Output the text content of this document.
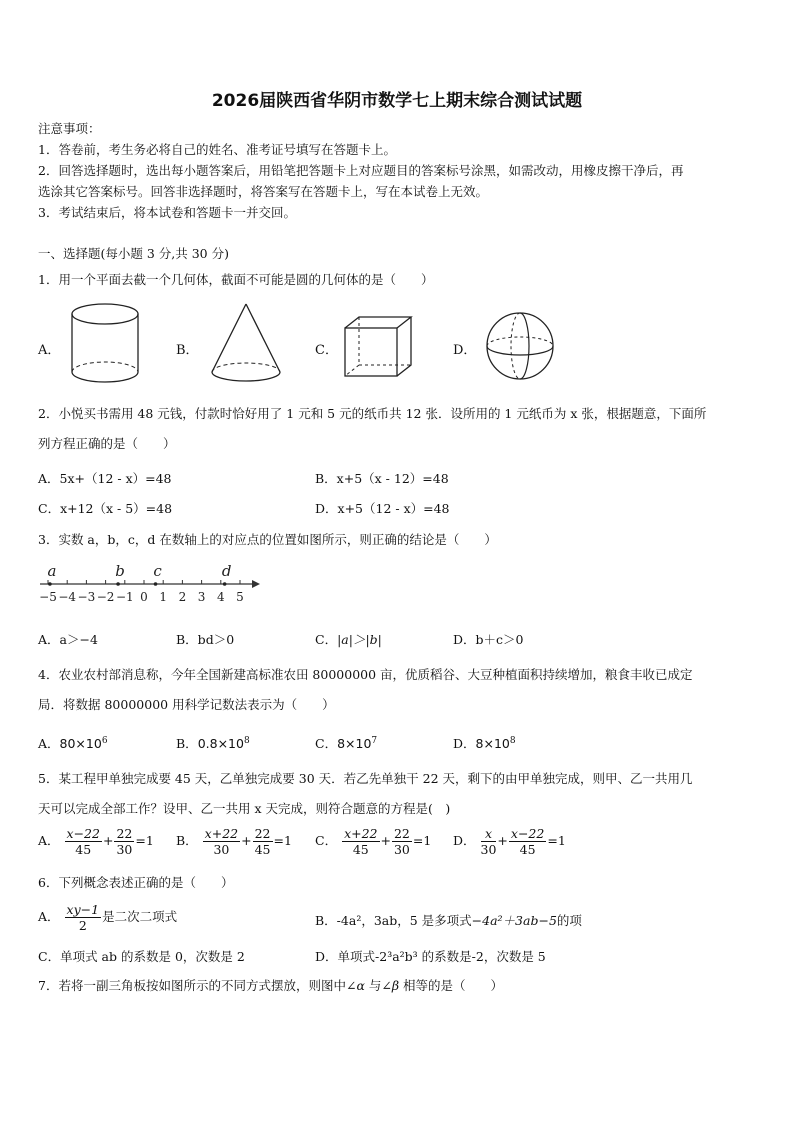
2026届陕西省华阴市数学七上期末综合测试试题
注意事项：
1．答卷前，考生务必将自己的姓名、准考证号填写在答题卡上。
2．回答选择题时，选出每小题答案后，用铅笔把答题卡上对应题目的答案标号涂黑，如需改动，用橡皮擦干净后，再
选涂其它答案标号。回答非选择题时，将答案写在答题卡上，写在本试卷上无效。
3．考试结束后，将本试卷和答题卡一并交回。
一、选择题(每小题 3 分,共 30 分)
1．用一个平面去截一个几何体，截面不可能是圆的几何体的是（　　）
A．	B．	C．	D．
2．小悦买书需用 48 元钱，付款时恰好用了 1 元和 5 元的纸币共 12 张．设所用的 1 元纸币为 x 张，根据题意，下面所
列方程正确的是（　　）
A．5x+（12 - x）=48	B．x+5（x - 12）=48
C．x+12（x - 5）=48	D．x+5（12 - x）=48
3．实数 a，b，c，d 在数轴上的对应点的位置如图所示，则正确的结论是（　　）
−5 −4 −3 −2 −1 0 1 2 3 4 5
a	b c	d
A．a＞−4	B．bd＞0	C．|a|＞|b|	D．b＋c＞0
4．农业农村部消息称，今年全国新建高标准农田 80000000 亩，优质稻谷、大豆种植面积持续增加，粮食丰收已成定
局．将数据 80000000 用科学记数法表示为（　　）
A．$80\times 10^6$	B．$0.8\times 10^8$	C．$8\times 10^7$	D．$8\times 10^8$
5．某工程甲单独完成要 45 天，乙单独完成要 30 天．若乙先单独干 22 天，剩下的由甲单独完成，则甲、乙一共用几
天可以完成全部工作？设甲、乙一共用 x 天完成，则符合题意的方程是(　)
A． $\frac{x-22}{45} + \frac{22}{30} =1$ B． $\frac{x+22}{30} + \frac{22}{45} =1$ C． $\frac{x+22}{45} + \frac{22}{30} =1$ D． $\frac{x}{30} + \frac{x-22}{45} =1$
6．下列概念表述正确的是（　　）
A． $\frac{xy-1}{2}$ 是二次二项式	B．-4a²，3ab，5 是多项式−4a²＋3ab−5的项
C．单项式 ab 的系数是 0，次数是 2	D．单项式-2³a²b³ 的系数是-2，次数是 5
7．若将一副三角板按如图所示的不同方式摆放，则图中∠α 与∠β 相等的是（　　）
